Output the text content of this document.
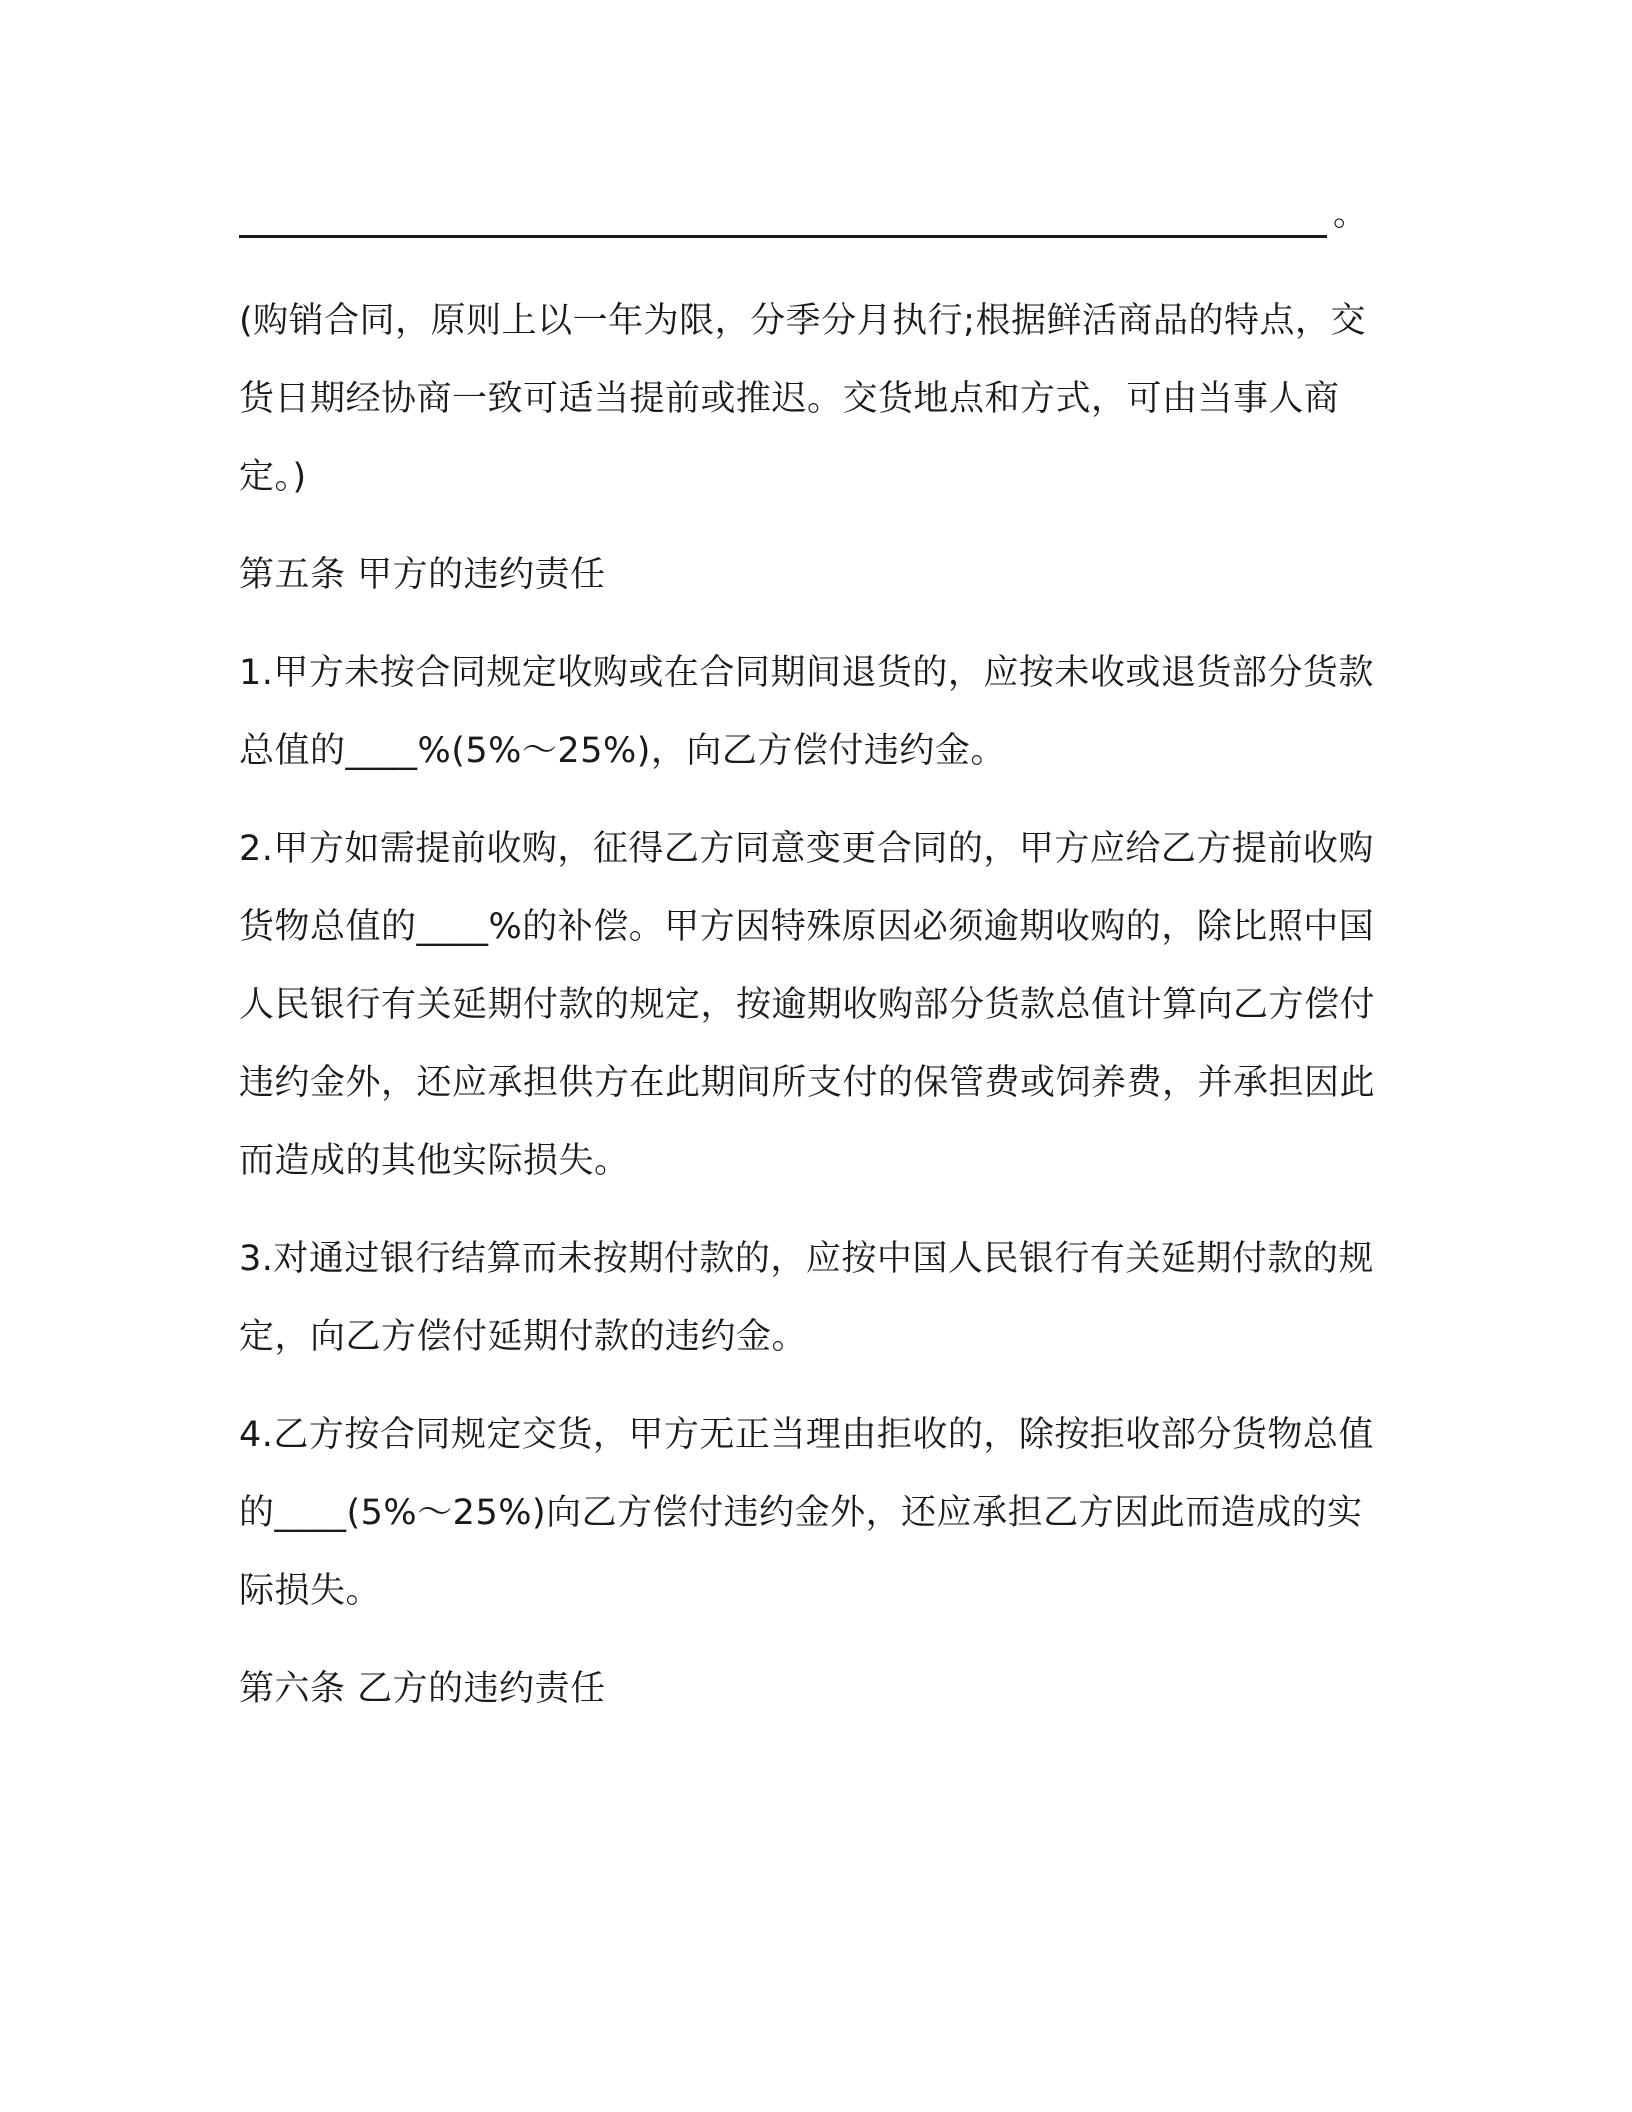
。

(购销合同，原则上以一年为限，分季分月执行;根据鲜活商品的特点，交货日期经协商一致可适当提前或推迟。交货地点和方式，可由当事人商定。)

第五条 甲方的违约责任

1.甲方未按合同规定收购或在合同期间退货的，应按未收或退货部分货款总值的____%(5%～25%)，向乙方偿付违约金。

2.甲方如需提前收购，征得乙方同意变更合同的，甲方应给乙方提前收购货物总值的____%的补偿。甲方因特殊原因必须逾期收购的，除比照中国人民银行有关延期付款的规定，按逾期收购部分货款总值计算向乙方偿付违约金外，还应承担供方在此期间所支付的保管费或饲养费，并承担因此而造成的其他实际损失。

3.对通过银行结算而未按期付款的，应按中国人民银行有关延期付款的规定，向乙方偿付延期付款的违约金。

4.乙方按合同规定交货，甲方无正当理由拒收的，除按拒收部分货物总值的____(5%～25%)向乙方偿付违约金外，还应承担乙方因此而造成的实际损失。

第六条 乙方的违约责任
